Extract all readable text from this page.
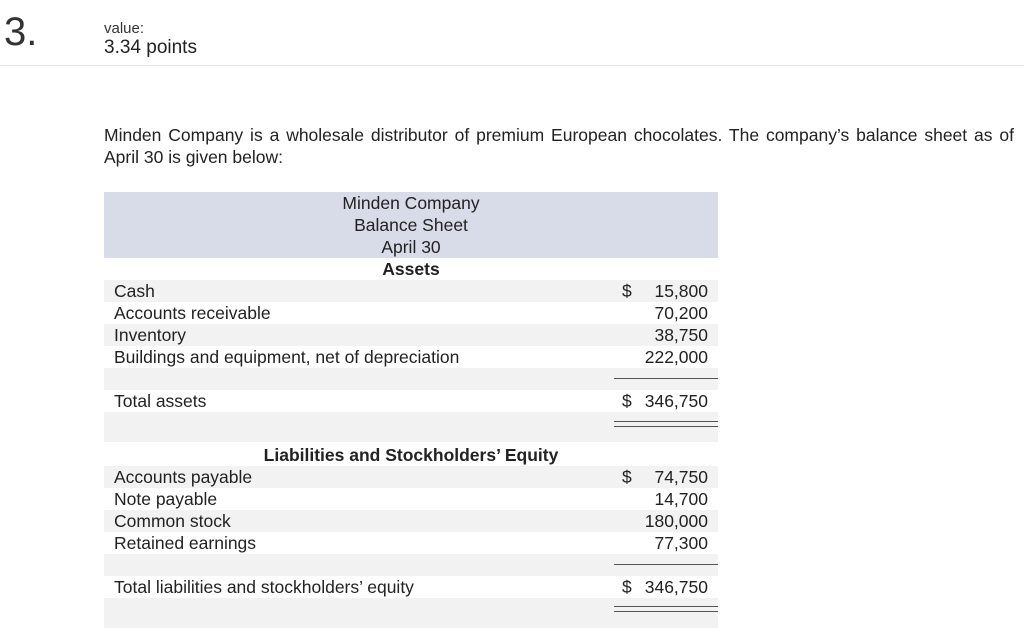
3.	value:
3.34 points
Minden Company is a wholesale distributor of premium European chocolates. The company’s balance sheet as of April 30 is given below:
Minden Company
Balance Sheet
April 30
Assets
Cash	$ 15,800
Accounts receivable	70,200
Inventory	38,750
Buildings and equipment, net of depreciation	222,000
Total assets	$ 346,750
Liabilities and Stockholders’ Equity
Accounts payable	$ 74,750
Note payable	14,700
Common stock	180,000
Retained earnings	77,300
Total liabilities and stockholders’ equity	$ 346,750
